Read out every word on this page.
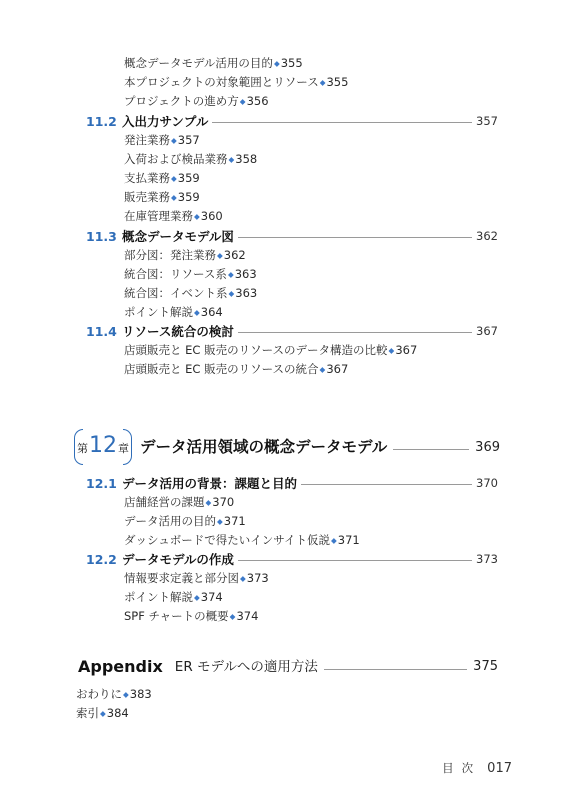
概念データモデル活用の目的◆355
本プロジェクトの対象範囲とリソース◆355
プロジェクトの進め方◆356
11.2 入出力サンプル	357
発注業務◆357
入荷および検品業務◆358
支払業務◆359
販売業務◆359
在庫管理業務◆360
11.3 概念データモデル図	362
部分図：発注業務◆362
統合図：リソース系◆363
統合図：イベント系◆363
ポイント解説◆364
11.4 リソース統合の検討	367
店頭販売と EC 販売のリソースのデータ構造の比較◆367
店頭販売と EC 販売のリソースの統合◆367
第 12 章 データ活用領域の概念データモデル	369
12.1 データ活用の背景：課題と目的	370
店舗経営の課題◆370
データ活用の目的◆371
ダッシュボードで得たいインサイト仮説◆371
12.2 データモデルの作成	373
情報要求定義と部分図◆373
ポイント解説◆374
SPF チャートの概要◆374
Appendix ER モデルへの適用方法	375
おわりに◆383
索引◆384
目次 017
